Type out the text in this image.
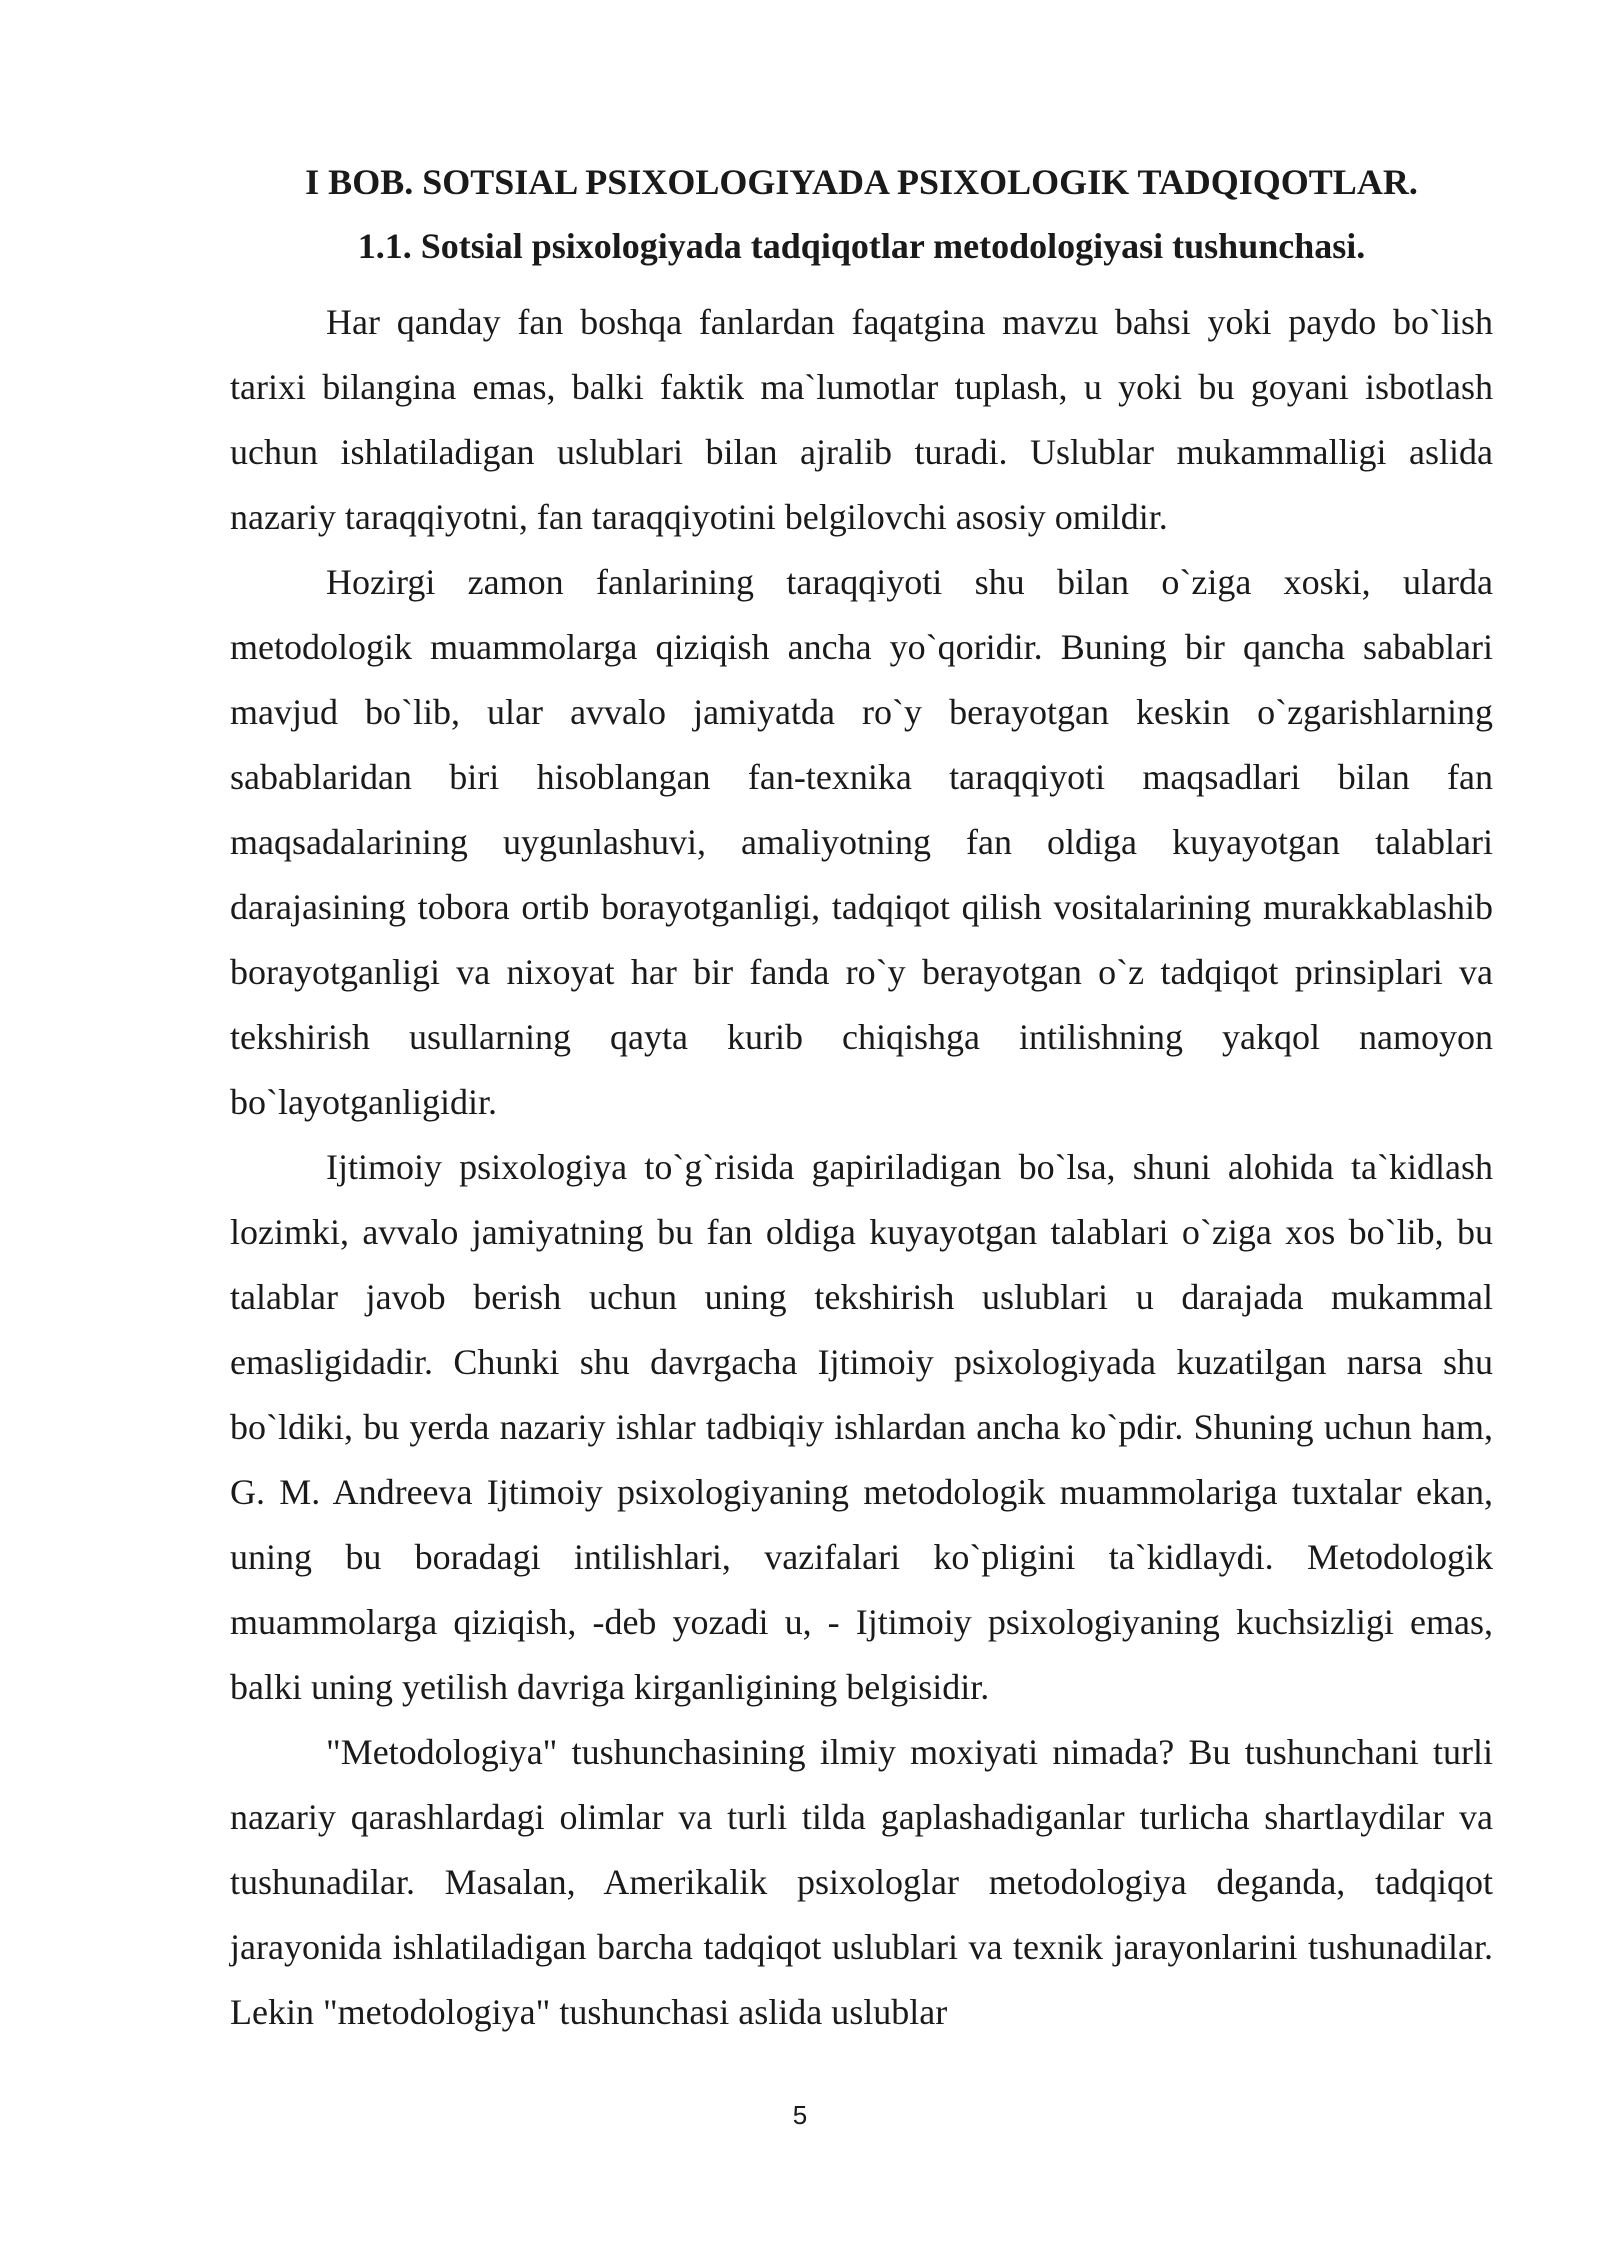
I BOB. SOTSIAL PSIXOLOGIYADA PSIXOLOGIK TADQIQOTLAR.
1.1. Sotsial psixologiyada tadqiqotlar metodologiyasi tushunchasi.

Har qanday fan boshqa fanlardan faqatgina mavzu bahsi yoki paydo bo`lish tarixi bilangina emas, balki faktik ma`lumotlar tuplash, u yoki bu goyani isbotlash uchun ishlatiladigan uslublari bilan ajralib turadi. Uslublar mukammalligi aslida nazariy taraqqiyotni, fan taraqqiyotini belgilovchi asosiy omildir.

Hozirgi zamon fanlarining taraqqiyoti shu bilan o`ziga xoski, ularda metodologik muammolarga qiziqish ancha yo`qoridir. Buning bir qancha sabablari mavjud bo`lib, ular avvalo jamiyatda ro`y berayotgan keskin o`zgarishlarning sabablaridan biri hisoblangan fan-texnika taraqqiyoti maqsadlari bilan fan maqsadalarining uygunlashuvi, amaliyotning fan oldiga kuyayotgan talablari darajasining tobora ortib borayotganligi, tadqiqot qilish vositalarining murakkablashib borayotganligi va nixoyat har bir fanda ro`y berayotgan o`z tadqiqot prinsiplari va tekshirish usullarning qayta kurib chiqishga intilishning yakqol namoyon bo`layotganligidir.

Ijtimoiy psixologiya to`g`risida gapiriladigan bo`lsa, shuni alohida ta`kidlash lozimki, avvalo jamiyatning bu fan oldiga kuyayotgan talablari o`ziga xos bo`lib, bu talablar javob berish uchun uning tekshirish uslublari u darajada mukammal emasligidadir. Chunki shu davrgacha Ijtimoiy psixologiyada kuzatilgan narsa shu bo`ldiki, bu yerda nazariy ishlar tadbiqiy ishlardan ancha ko`pdir. Shuning uchun ham, G. M. Andreeva Ijtimoiy psixologiyaning metodologik muammolariga tuxtalar ekan, uning bu boradagi intilishlari, vazifalari ko`pligini ta`kidlaydi. Metodologik muammolarga qiziqish, -deb yozadi u, - Ijtimoiy psixologiyaning kuchsizligi emas, balki uning yetilish davriga kirganligining belgisidir.

"Metodologiya" tushunchasining ilmiy moxiyati nimada? Bu tushunchani turli nazariy qarashlardagi olimlar va turli tilda gaplashadiganlar turlicha shartlaydilar va tushunadilar. Masalan, Amerikalik psixologlar metodologiya deganda, tadqiqot jarayonida ishlatiladigan barcha tadqiqot uslublari va texnik jarayonlarini tushunadilar. Lekin "metodologiya" tushunchasi aslida uslublar

5
